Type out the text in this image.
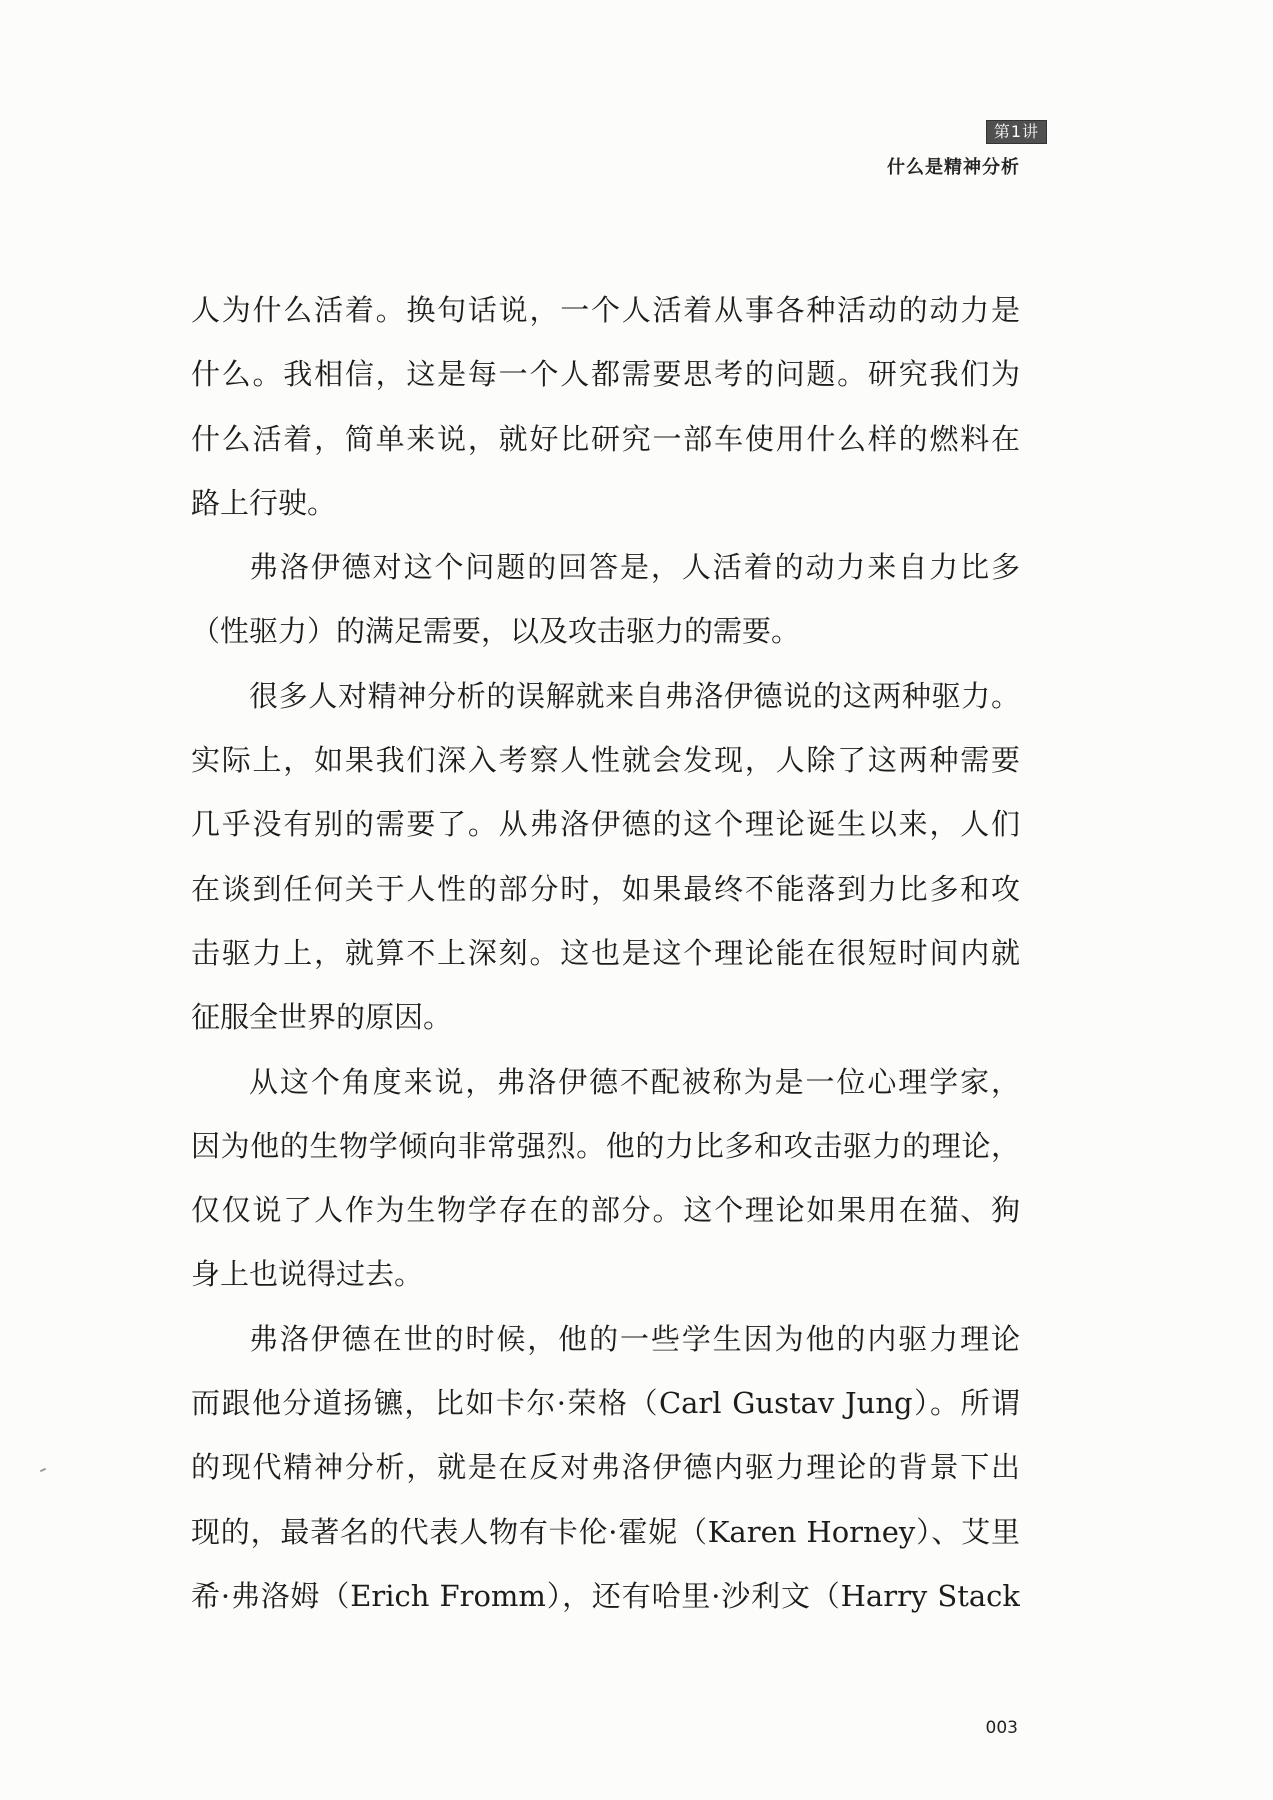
第1讲
什么是精神分析
人为什么活着。换句话说，一个人活着从事各种活动的动力是
什么。我相信，这是每一个人都需要思考的问题。研究我们为
什么活着，简单来说，就好比研究一部车使用什么样的燃料在
路上行驶。
弗洛伊德对这个问题的回答是，人活着的动力来自力比多
（性驱力）的满足需要，以及攻击驱力的需要。
很多人对精神分析的误解就来自弗洛伊德说的这两种驱力。
实际上，如果我们深入考察人性就会发现，人除了这两种需要
几乎没有别的需要了。从弗洛伊德的这个理论诞生以来，人们
在谈到任何关于人性的部分时，如果最终不能落到力比多和攻
击驱力上，就算不上深刻。这也是这个理论能在很短时间内就
征服全世界的原因。
从这个角度来说，弗洛伊德不配被称为是一位心理学家，
因为他的生物学倾向非常强烈。他的力比多和攻击驱力的理论，
仅仅说了人作为生物学存在的部分。这个理论如果用在猫、狗
身上也说得过去。
弗洛伊德在世的时候，他的一些学生因为他的内驱力理论
而跟他分道扬镳，比如卡尔·荣格（Carl Gustav Jung）。所谓
的现代精神分析，就是在反对弗洛伊德内驱力理论的背景下出
现的，最著名的代表人物有卡伦·霍妮（Karen Horney）、艾里
希·弗洛姆（Erich Fromm），还有哈里·沙利文（Harry Stack
003
